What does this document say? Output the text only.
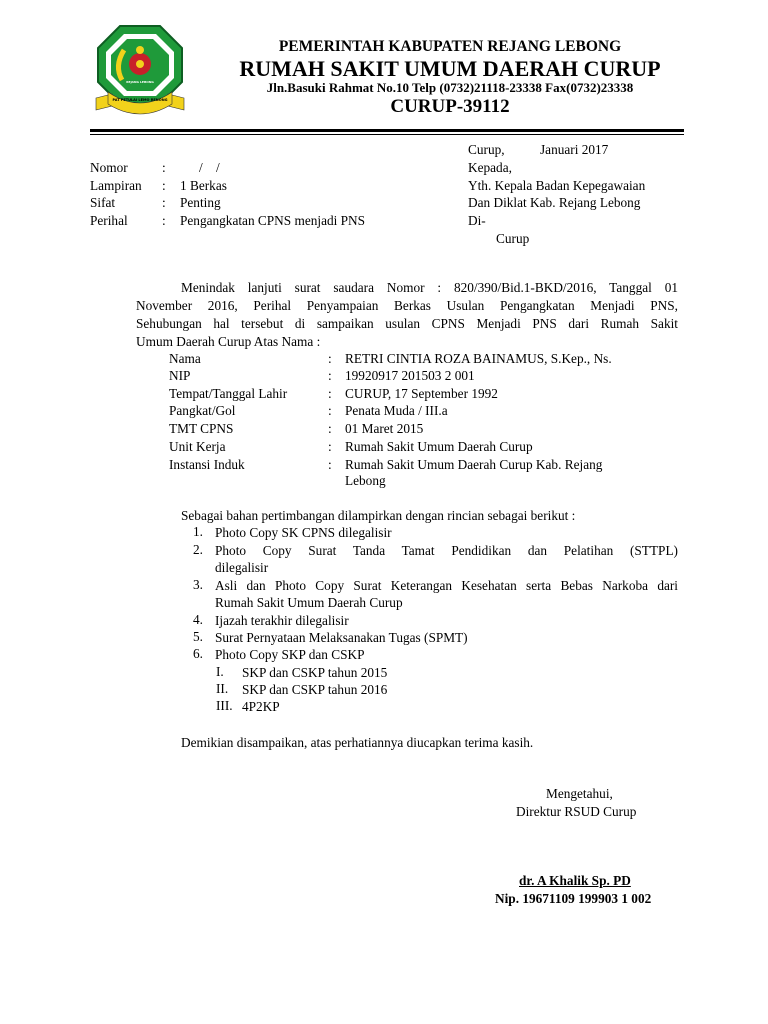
PAT PETULAI LEMO RENONG
REJANG LEBONG
PEMERINTAH KABUPATEN REJANG LEBONG
RUMAH SAKIT UMUM DAERAH CURUP
Jln.Basuki Rahmat No.10 Telp (0732)21118-23338 Fax(0732)23338
CURUP-39112
Curup,	Januari 2017
Kepada,
Yth. Kepala Badan Kepegawaian
Dan Diklat Kab. Rejang Lebong
Di-
Curup
Nomor	:	/    /
Lampiran : 1 Berkas
Sifat	: Penting
Perihal	: Pengangkatan CPNS menjadi PNS
Menindak lanjuti surat saudara Nomor : 820/390/Bid.1-BKD/2016, Tanggal 01
November 2016, Perihal Penyampaian Berkas Usulan Pengangkatan Menjadi PNS,
Sehubungan hal tersebut di sampaikan usulan CPNS Menjadi PNS dari Rumah Sakit
Umum Daerah Curup Atas Nama :
Nama	: RETRI CINTIA ROZA BAINAMUS, S.Kep., Ns.
NIP	: 19920917 201503 2 001
Tempat/Tanggal Lahir	: CURUP, 17 September 1992
Pangkat/Gol	: Penata Muda / III.a
TMT CPNS	: 01 Maret 2015
Unit Kerja	: Rumah Sakit Umum Daerah Curup
Instansi Induk	: Rumah Sakit Umum Daerah Curup Kab. Rejang
Lebong
Sebagai bahan pertimbangan dilampirkan dengan rincian sebagai berikut :
1. Photo Copy SK CPNS dilegalisir
2. Photo Copy Surat Tanda Tamat Pendidikan dan Pelatihan (STTPL)
dilegalisir
3. Asli dan Photo Copy Surat Keterangan Kesehatan serta Bebas Narkoba dari
Rumah Sakit Umum Daerah Curup
4. Ijazah terakhir dilegalisir
5. Surat Pernyataan Melaksanakan Tugas (SPMT)
6. Photo Copy SKP dan CSKP
I.	SKP dan CSKP tahun 2015
II.	SKP dan CSKP tahun 2016
III. 4P2KP
Demikian disampaikan, atas perhatiannya diucapkan terima kasih.
Mengetahui,
Direktur RSUD Curup
dr. A Khalik Sp. PD
Nip. 19671109 199903 1 002
